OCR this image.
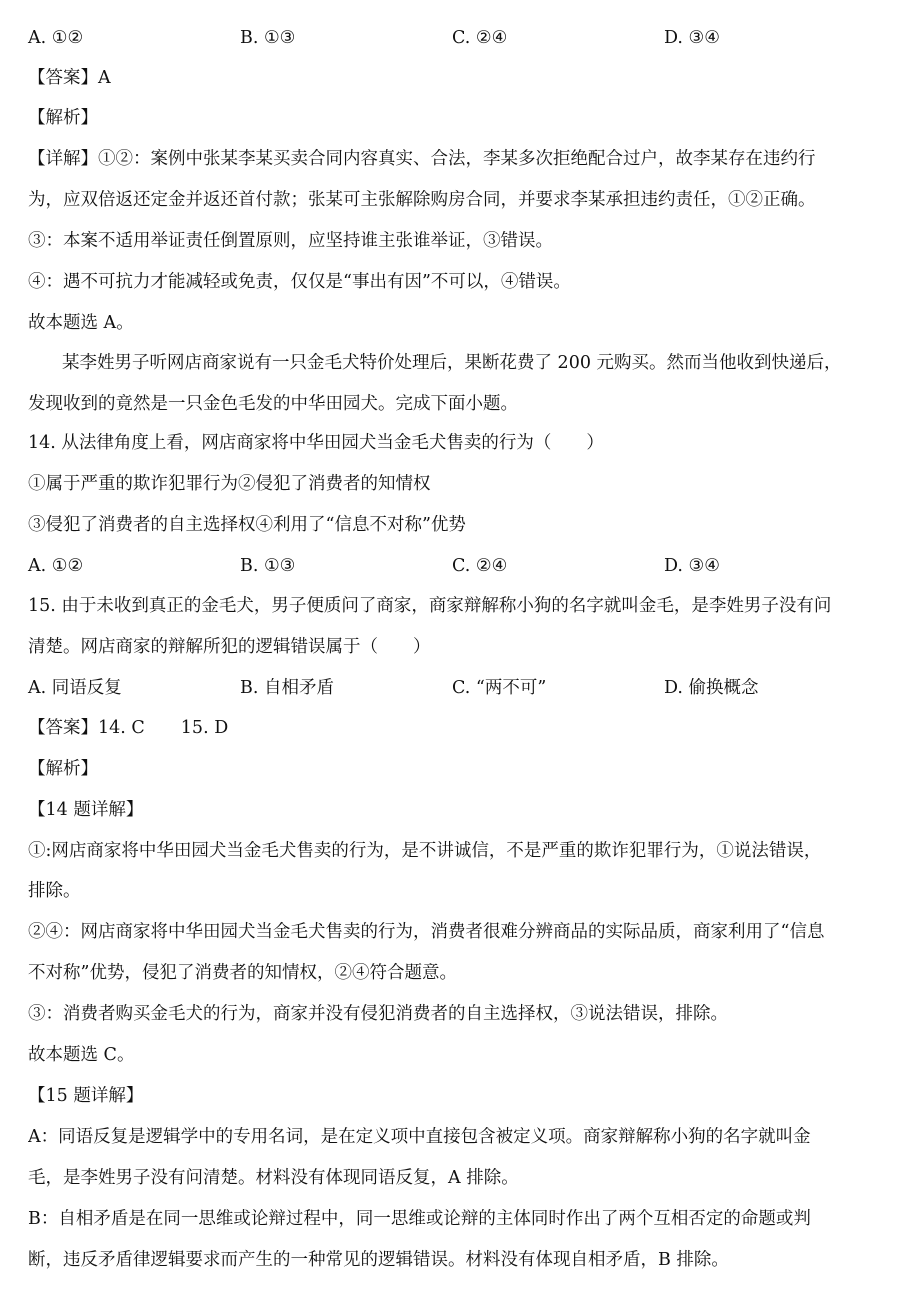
A. ①②	B. ①③	C. ②④	D. ③④
【答案】A
【解析】
【详解】①②：案例中张某李某买卖合同内容真实、合法，李某多次拒绝配合过户，故李某存在违约行
为，应双倍返还定金并返还首付款；张某可主张解除购房合同，并要求李某承担违约责任，①②正确。
③：本案不适用举证责任倒置原则，应坚持谁主张谁举证，③错误。
④：遇不可抗力才能减轻或免责，仅仅是“事出有因”不可以，④错误。
故本题选 A。
某李姓男子听网店商家说有一只金毛犬特价处理后，果断花费了 200 元购买。然而当他收到快递后，
发现收到的竟然是一只金色毛发的中华田园犬。完成下面小题。
14. 从法律角度上看，网店商家将中华田园犬当金毛犬售卖的行为（　　）
①属于严重的欺诈犯罪行为②侵犯了消费者的知情权
③侵犯了消费者的自主选择权④利用了“信息不对称”优势
A. ①②	B. ①③	C. ②④	D. ③④
15. 由于未收到真正的金毛犬，男子便质问了商家，商家辩解称小狗的名字就叫金毛，是李姓男子没有问
清楚。网店商家的辩解所犯的逻辑错误属于（　　）
A. 同语反复	B. 自相矛盾	C. “两不可”	D. 偷换概念
【答案】14. C 15. D
【解析】
【14 题详解】
①:网店商家将中华田园犬当金毛犬售卖的行为，是不讲诚信，不是严重的欺诈犯罪行为，①说法错误，
排除。
②④：网店商家将中华田园犬当金毛犬售卖的行为，消费者很难分辨商品的实际品质，商家利用了“信息
不对称”优势，侵犯了消费者的知情权，②④符合题意。
③：消费者购买金毛犬的行为，商家并没有侵犯消费者的自主选择权，③说法错误，排除。
故本题选 C。
【15 题详解】
A：同语反复是逻辑学中的专用名词，是在定义项中直接包含被定义项。商家辩解称小狗的名字就叫金
毛，是李姓男子没有问清楚。材料没有体现同语反复，A 排除。
B：自相矛盾是在同一思维或论辩过程中，同一思维或论辩的主体同时作出了两个互相否定的命题或判
断，违反矛盾律逻辑要求而产生的一种常见的逻辑错误。材料没有体现自相矛盾，B 排除。
